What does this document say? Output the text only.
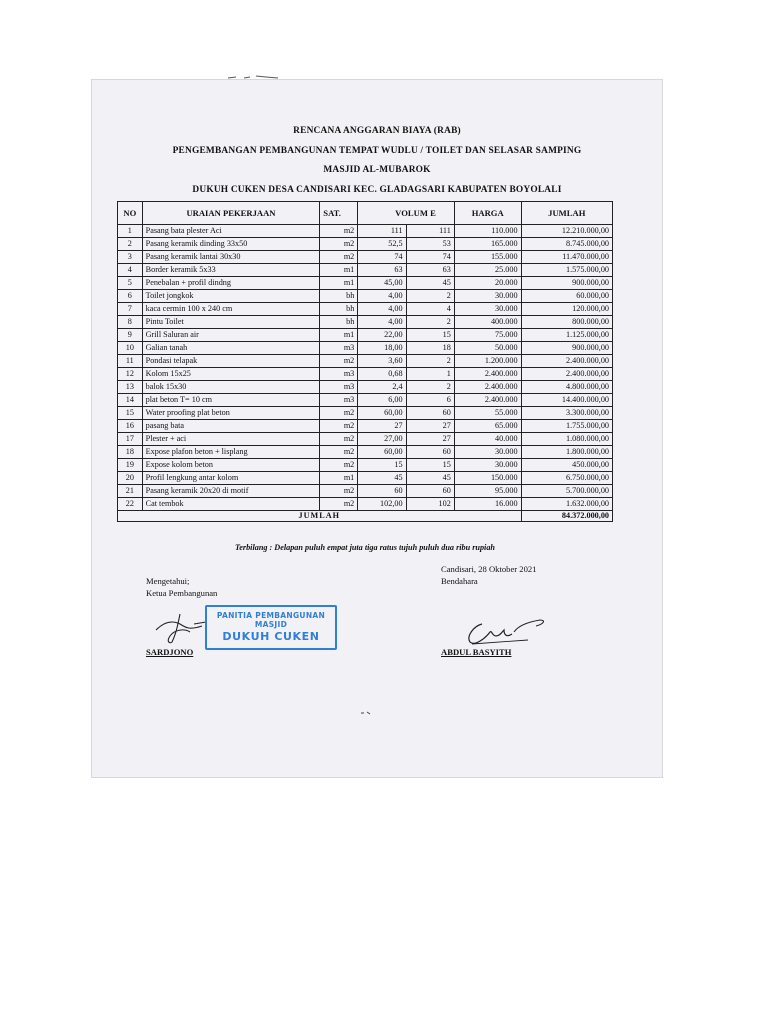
RENCANA ANGGARAN BIAYA (RAB)
PENGEMBANGAN PEMBANGUNAN TEMPAT WUDLU / TOILET DAN SELASAR SAMPING
MASJID AL-MUBAROK
DUKUH CUKEN DESA CANDISARI KEC. GLADAGSARI KABUPATEN BOYOLALI
NO	URAIAN PEKERJAAN	SAT.	VOLUM E		HARGA	JUMLAH
1	Pasang bata plester Aci	m2	111	111	110.000	12.210.000,00
2	Pasang keramik dinding 33x50	m2	52,5	53	165.000	8.745.000,00
3	Pasang keramik lantai 30x30	m2	74	74	155.000	11.470.000,00
4	Border keramik 5x33	m1	63	63	25.000	1.575.000,00
5	Penebalan + profil dindng	m1	45,00	45	20.000	900.000,00
6	Toilet jongkok	bh	4,00	2	30.000	60.000,00
7	kaca cermin 100 x 240 cm	bh	4,00	4	30.000	120.000,00
8	Pintu Toilet	bh	4,00	2	400.000	800.000,00
9	Grill Saluran air	m1	22,00	15	75.000	1.125.000,00
10	Galian tanah	m3	18,00	18	50.000	900.000,00
11	Pondasi telapak	m2	3,60	2	1.200.000	2.400.000,00
12	Kolom 15x25	m3	0,68	1	2.400.000	2.400.000,00
13	balok 15x30	m3	2,4	2	2.400.000	4.800.000,00
14	plat beton T= 10 cm	m3	6,00	6	2.400.000	14.400.000,00
15	Water proofing plat beton	m2	60,00	60	55.000	3.300.000,00
16	pasang bata	m2	27	27	65.000	1.755.000,00
17	Plester + aci	m2	27,00	27	40.000	1.080.000,00
18	Expose plafon beton + lisplang	m2	60,00	60	30.000	1.800.000,00
19	Expose kolom beton	m2	15	15	30.000	450.000,00
20	Profil lengkung antar kolom	m1	45	45	150.000	6.750.000,00
21	Pasang keramik 20x20 di motif	m2	60	60	95.000	5.700.000,00
22	Cat tembok	m2	102,00	102	16.000	1.632.000,00
JUMLAH						84.372.000,00
Terbilang : Delapan puluh empat juta tiga ratus tujuh puluh dua ribu rupiah
Candisari, 28 Oktober 2021
Bendahara
Mengetahui;
Ketua Pembangunan
PANITIA PEMBANGUNAN
MASJID
DUKUH CUKEN
SARDJONO	ABDUL BASYITH
